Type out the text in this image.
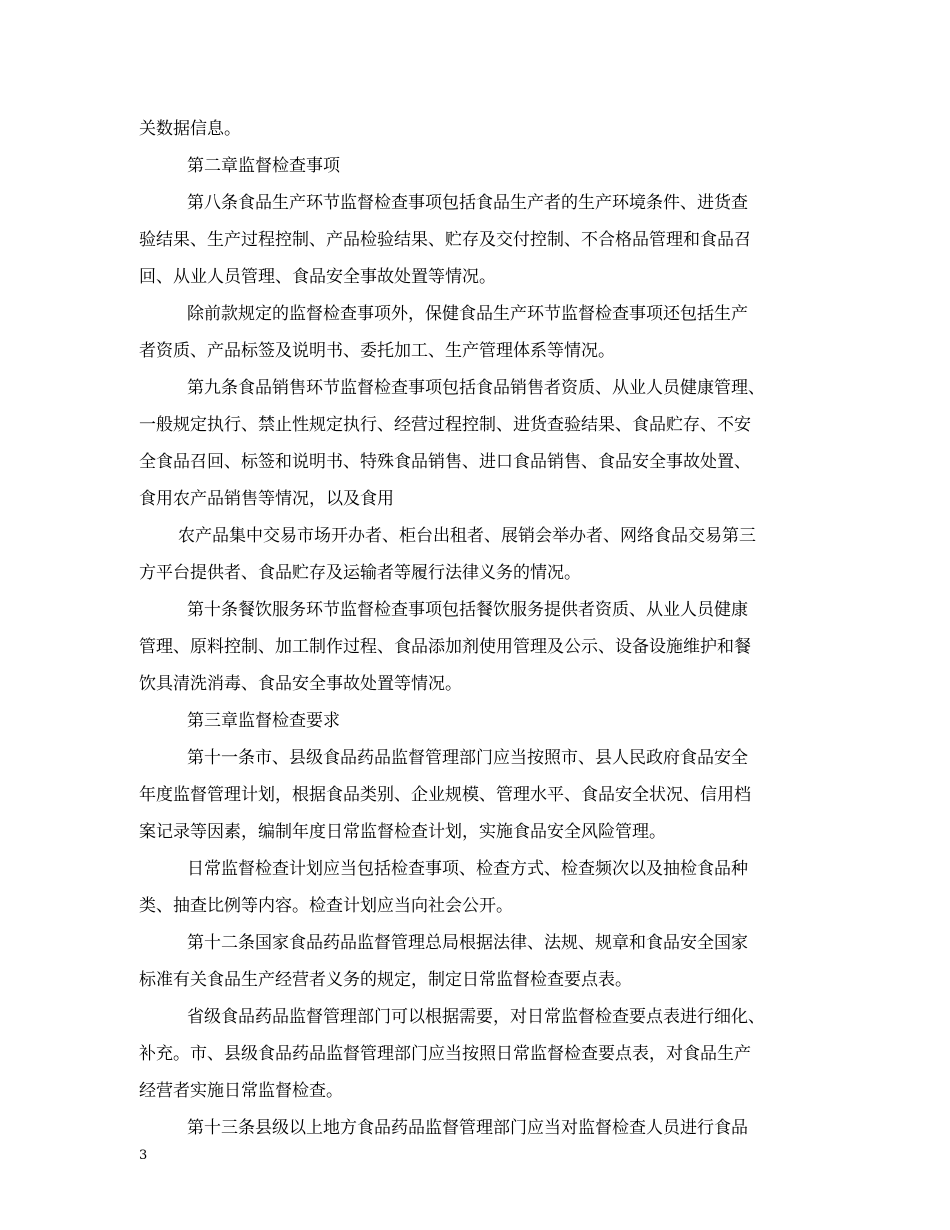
关数据信息。
第二章监督检查事项
第八条食品生产环节监督检查事项包括食品生产者的生产环境条件、进货查
验结果、生产过程控制、产品检验结果、贮存及交付控制、不合格品管理和食品召
回、从业人员管理、食品安全事故处置等情况。
除前款规定的监督检查事项外，保健食品生产环节监督检查事项还包括生产
者资质、产品标签及说明书、委托加工、生产管理体系等情况。
第九条食品销售环节监督检查事项包括食品销售者资质、从业人员健康管理、
一般规定执行、禁止性规定执行、经营过程控制、进货查验结果、食品贮存、不安
全食品召回、标签和说明书、特殊食品销售、进口食品销售、食品安全事故处置、
食用农产品销售等情况，以及食用
农产品集中交易市场开办者、柜台出租者、展销会举办者、网络食品交易第三
方平台提供者、食品贮存及运输者等履行法律义务的情况。
第十条餐饮服务环节监督检查事项包括餐饮服务提供者资质、从业人员健康
管理、原料控制、加工制作过程、食品添加剂使用管理及公示、设备设施维护和餐
饮具清洗消毒、食品安全事故处置等情况。
第三章监督检查要求
第十一条市、县级食品药品监督管理部门应当按照市、县人民政府食品安全
年度监督管理计划，根据食品类别、企业规模、管理水平、食品安全状况、信用档
案记录等因素，编制年度日常监督检查计划，实施食品安全风险管理。
日常监督检查计划应当包括检查事项、检查方式、检查频次以及抽检食品种
类、抽查比例等内容。检查计划应当向社会公开。
第十二条国家食品药品监督管理总局根据法律、法规、规章和食品安全国家
标准有关食品生产经营者义务的规定，制定日常监督检查要点表。
省级食品药品监督管理部门可以根据需要，对日常监督检查要点表进行细化、
补充。市、县级食品药品监督管理部门应当按照日常监督检查要点表，对食品生产
经营者实施日常监督检查。
第十三条县级以上地方食品药品监督管理部门应当对监督检查人员进行食品
3
